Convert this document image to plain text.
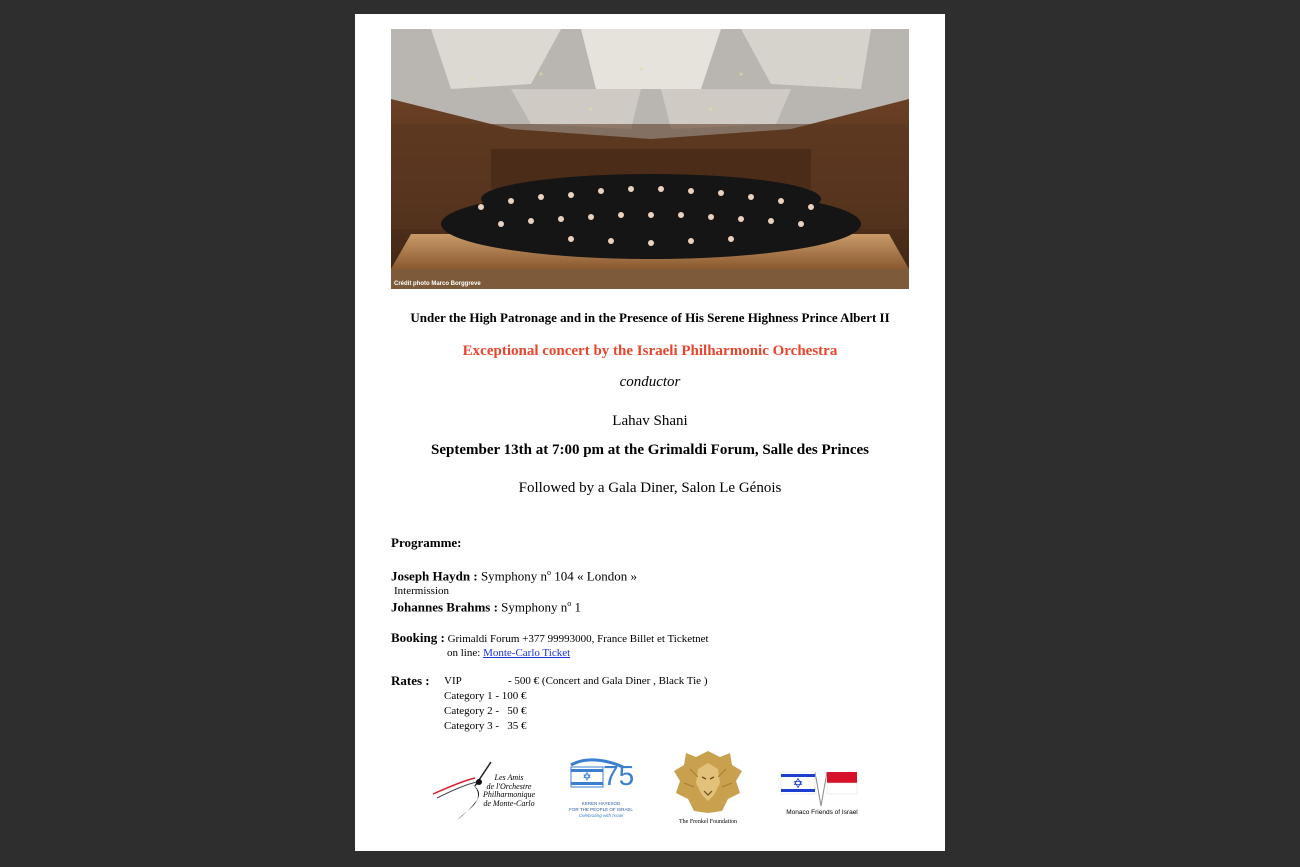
Crédit photo Marco Borggreve
Under the High Patronage and in the Presence of His Serene Highness Prince Albert II
Exceptional concert by the Israeli Philharmonic Orchestra
conductor
Lahav Shani
September 13th at 7:00 pm at the Grimaldi Forum, Salle des Princes
Followed by a Gala Diner, Salon Le Génois
Programme:
Joseph Haydn : Symphony $n^o$ 104 « London »
Intermission
Johannes Brahms : Symphony $n^o$ 1
Booking : Grimaldi Forum +377 99993000, France Billet et Ticketnet
on line: Monte-Carlo Ticket
Rates : VIP	- 500 € (Concert and Gala Diner , Black Tie )
Category 1 - 100 €
Category 2 -   50 €
Category 3 -   35 €
Les Amis
de l'Orchestre
Philharmonique
de Monte-Carlo
75
KEREN HAYESOD
FOR THE PEOPLE OF ISRAEL
Celebrating with Israel
The Frenkel Foundation
Monaco Friends of Israel
